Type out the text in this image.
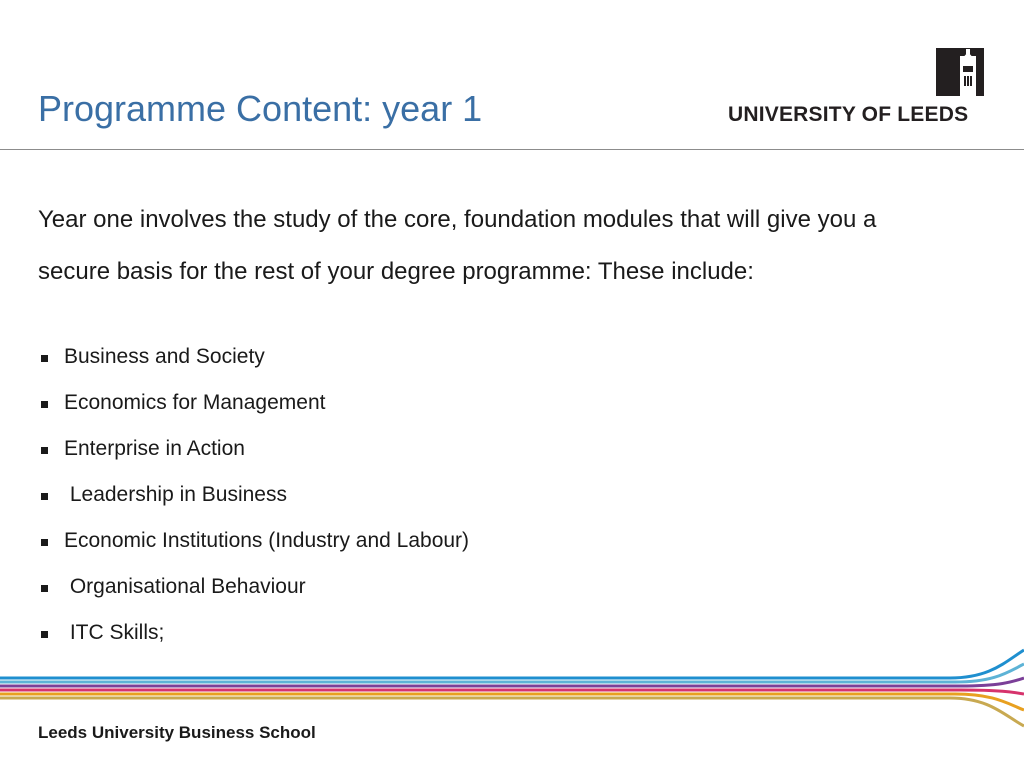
Programme Content: year 1	UNIVERSITY OF LEEDS

Year one involves the study of the core, foundation modules that will give you a secure basis for the rest of your degree programme: These include:

Business and Society
Economics for Management
Enterprise in Action
Leadership in Business
Economic Institutions (Industry and Labour)
Organisational Behaviour
ITC Skills;
Leeds University Business School
